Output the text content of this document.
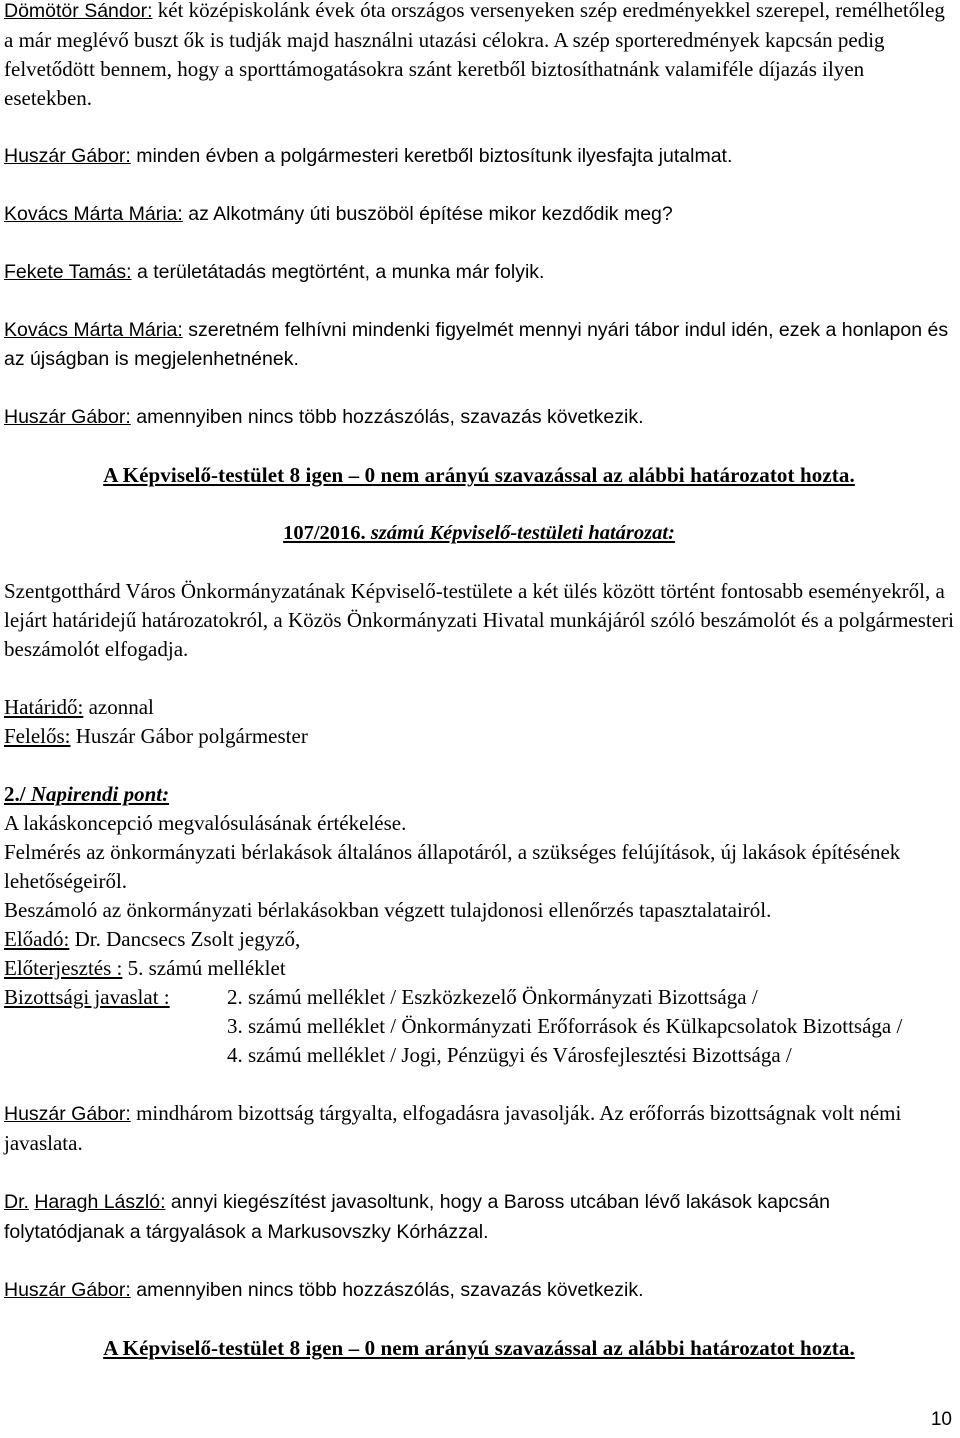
Dömötör Sándor: két középiskolánk évek óta országos versenyeken szép eredményekkel szerepel, remélhetőleg a már meglévő buszt ők is tudják majd használni utazási célokra. A szép sporteredmények kapcsán pedig felvetődött bennem, hogy a sporttámogatásokra szánt keretből biztosíthatnánk valamiféle díjazás ilyen esetekben.

Huszár Gábor: minden évben a polgármesteri keretből biztosítunk ilyesfajta jutalmat.

Kovács Márta Mária: az Alkotmány úti buszöböl építése mikor kezdődik meg?

Fekete Tamás: a területátadás megtörtént, a munka már folyik.

Kovács Márta Mária: szeretném felhívni mindenki figyelmét mennyi nyári tábor indul idén, ezek a honlapon és az újságban is megjelenhetnének.

Huszár Gábor: amennyiben nincs több hozzászólás, szavazás következik.

A Képviselő-testület 8 igen – 0 nem arányú szavazással az alábbi határozatot hozta.

107/2016. számú Képviselő-testületi határozat:

Szentgotthárd Város Önkormányzatának Képviselő-testülete a két ülés között történt fontosabb eseményekről, a lejárt határidejű határozatokról, a Közös Önkormányzati Hivatal munkájáról szóló beszámolót és a polgármesteri beszámolót elfogadja.

Határidő: azonnal

Felelős: Huszár Gábor polgármester

2./ Napirendi pont:

A lakáskoncepció megvalósulásának értékelése.

Felmérés az önkormányzati bérlakások általános állapotáról, a szükséges felújítások, új lakások építésének lehetőségeiről.

Beszámoló az önkormányzati bérlakásokban végzett tulajdonosi ellenőrzés tapasztalatairól.

Előadó: Dr. Dancsecs Zsolt jegyző,

Előterjesztés : 5. számú melléklet

Bizottsági javaslat :	2. számú melléklet / Eszközkezelő Önkormányzati Bizottsága /

3. számú melléklet / Önkormányzati Erőforrások és Külkapcsolatok Bizottsága /

4. számú melléklet / Jogi, Pénzügyi és Városfejlesztési Bizottsága /

Huszár Gábor: mindhárom bizottság tárgyalta, elfogadásra javasolják. Az erőforrás bizottságnak volt némi javaslata.

Dr. Haragh László: annyi kiegészítést javasoltunk, hogy a Baross utcában lévő lakások kapcsán folytatódjanak a tárgyalások a Markusovszky Kórházzal.

Huszár Gábor: amennyiben nincs több hozzászólás, szavazás következik.

A Képviselő-testület 8 igen – 0 nem arányú szavazással az alábbi határozatot hozta.

10
